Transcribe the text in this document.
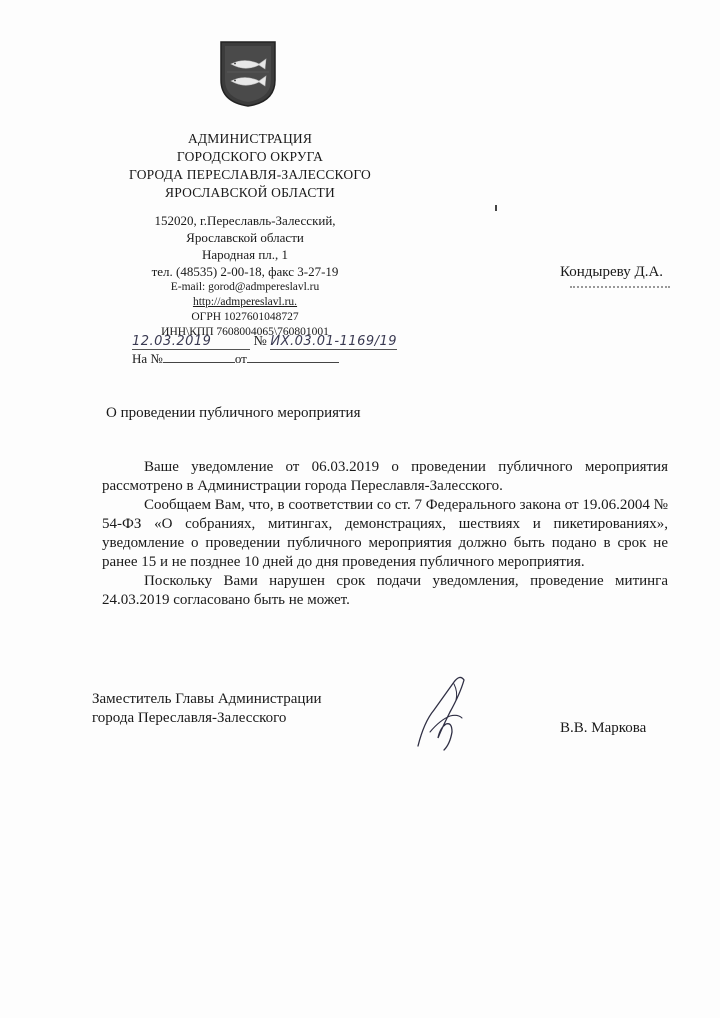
АДМИНИСТРАЦИЯ
ГОРОДСКОГО ОКРУГА
ГОРОДА ПЕРЕСЛАВЛЯ-ЗАЛЕССКОГО
ЯРОСЛАВСКОЙ ОБЛАСТИ
152020, г.Переславль-Залесский,
Ярославской области
Народная пл., 1
тел. (48535) 2-00-18, факс 3-27-19
E-mail: gorod@admpereslavl.ru
http://admpereslavl.ru.
ОГРН 1027601048727
ИНН\КПП 7608004065\760801001
12.03.2019	№ ИХ.03.01-1169/19
На №	от
Кондыреву Д.А.
О проведении публичного мероприятия

Ваше уведомление от 06.03.2019 о проведении публичного мероприятия рассмотрено в Администрации города Переславля-Залесского.

Сообщаем Вам, что, в соответствии со ст. 7 Федерального закона от 19.06.2004 № 54-ФЗ «О собраниях, митингах, демонстрациях, шествиях и пикетированиях», уведомление о проведении публичного мероприятия должно быть подано в срок не ранее 15 и не позднее 10 дней до дня проведения публичного мероприятия.

Поскольку Вами нарушен срок подачи уведомления, проведение митинга 24.03.2019 согласовано быть не может.

Заместитель Главы Администрации
города Переславля-Залесского
В.В. Маркова
